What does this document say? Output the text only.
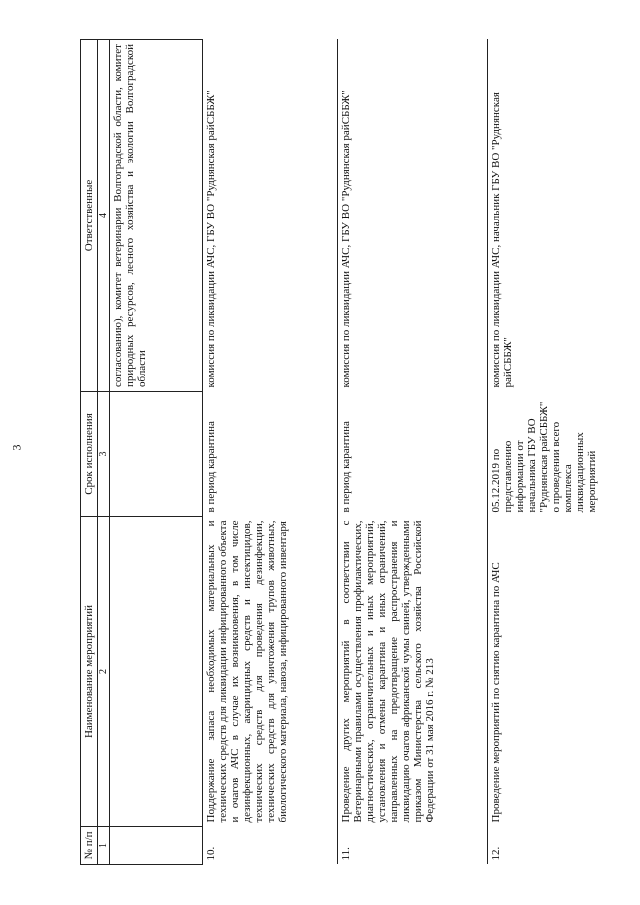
3
№ п/п	Наименование мероприятий	Срок исполнения	Ответственные
1	2	3	4
			согласованию), комитет ветеринарии Волгоградской области, комитет природных ресурсов, лесного хозяйства и экологии Волгоградской области
10.	Поддержание запаса необходимых материальных и технических средств для ликвидации инфицированного объекта и очагов АЧС в случае их возникновения, в том числе дезинфекционных, акарицидных средств и инсектицидов, технических средств для проведения дезинфекции, технических средств для уничтожения трупов животных, биологического материала, навоза, инфицированного инвентаря	в период карантина	комиссия по ликвидации АЧС, ГБУ ВО "Руднянская райСББЖ"
11.	Проведение других мероприятий в соответствии с Ветеринарными правилами осуществления профилактических, диагностических, ограничительных и иных мероприятий, установления и отмены карантина и иных ограничений, направленных на предотвращение распространения и ликвидацию очагов африканской чумы свиней, утвержденными приказом Министерства сельского хозяйства Российской Федерации от 31 мая 2016 г. № 213	в период карантина	комиссия по ликвидации АЧС, ГБУ ВО "Руднянская райСББЖ"
12.	Проведение мероприятий по снятию карантина по АЧС	05.12.2019 по представлению информации от начальника ГБУ ВО "Руднянская райСББЖ" о проведении всего комплекса ликвидационных мероприятий	комиссия по ликвидации АЧС, начальник ГБУ ВО "Руднянская райСББЖ"
